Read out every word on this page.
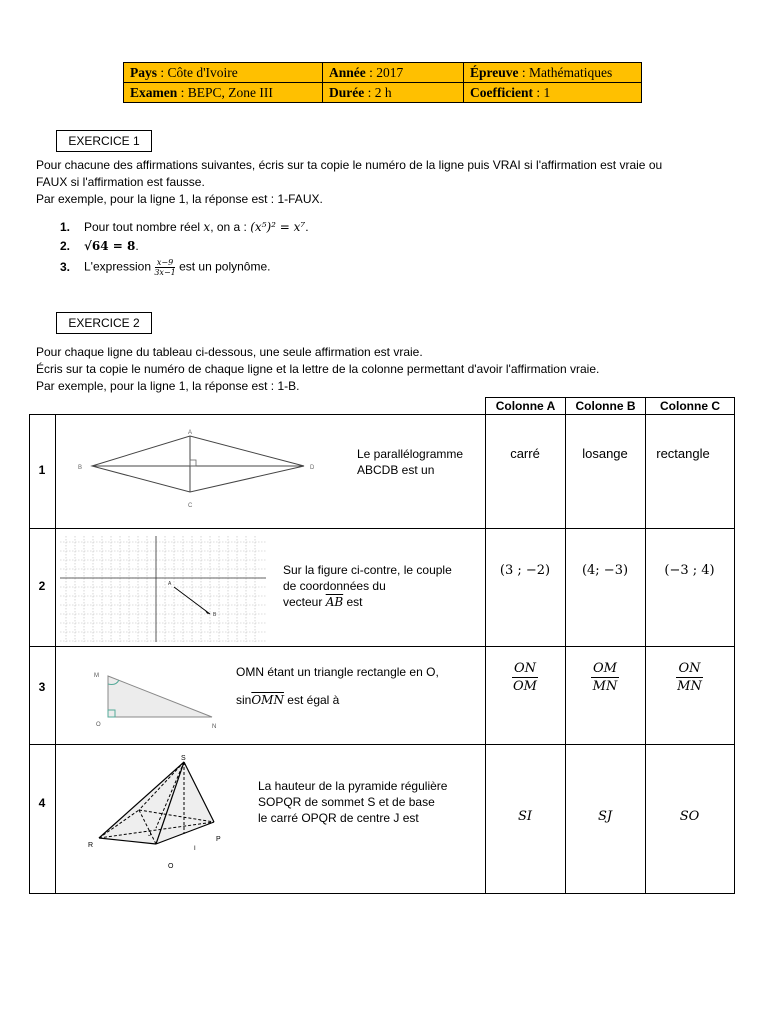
Pays : Côte d'Ivoire	Année : 2017	Épreuve : Mathématiques
Examen : BEPC, Zone III	Durée : 2 h	Coefficient : 1
EXERCICE 1
Pour chacune des affirmations suivantes, écris sur ta copie le numéro de la ligne puis VRAI si l'affirmation est vraie ou
FAUX si l'affirmation est fausse.
Par exemple, pour la ligne 1, la réponse est : 1-FAUX.
1. Pour tout nombre réel x, on a : (x⁵)² = x⁷.
2. √64 = 8.
3. L'expression $\frac{x-9}{3x-1}$ est un polynôme.
EXERCICE 2
Pour chaque ligne du tableau ci-dessous, une seule affirmation est vraie.
Écris sur ta copie le numéro de chaque ligne et la lettre de la colonne permettant d'avoir l'affirmation vraie.
Par exemple, pour la ligne 1, la réponse est : 1-B.
Colonne A	Colonne B	Colonne C
1
A
B
C
D
Le parallélogramme
ABCDB est un
carré	losange	rectangle
2	A
B
Sur la figure ci-contre, le couple
de coordonnées du
vecteur $\overline{AB}$ est
(3 ; −2)	(4; −3)	(−3 ; 4)
3
M
O	N
OMN étant un triangle rectangle en O,
$\sin\overline{OMN}$ est égal à
$\frac{ON}{OM}$	$\frac{OM}{MN}$	$\frac{ON}{MN}$
4
S
R
P
O
J
I
La hauteur de la pyramide régulière
SOPQR de sommet S et de base
le carré OPQR de centre J est	SI	SJ	SO
